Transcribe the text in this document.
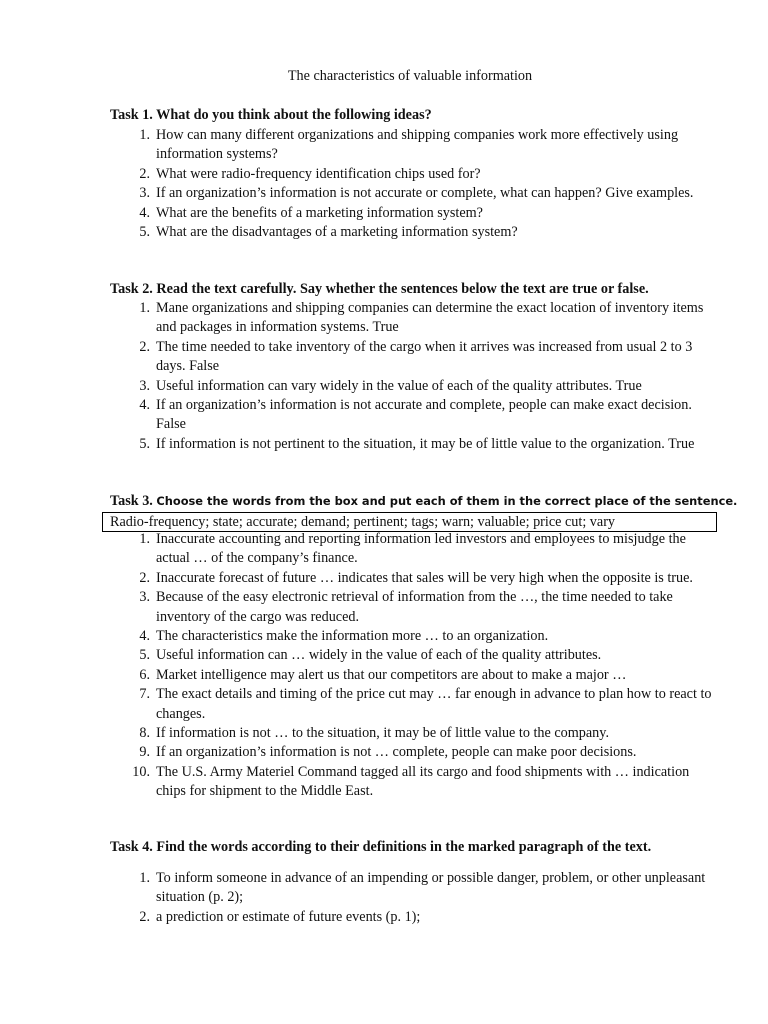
The characteristics of valuable information
Task 1. What do you think about the following ideas?
1. How can many different organizations and shipping companies work more effectively using information systems?
2. What were radio-frequency identification chips used for?
3. If an organization’s information is not accurate or complete, what can happen? Give examples.
4. What are the benefits of a marketing information system?
5. What are the disadvantages of a marketing information system?
Task 2. Read the text carefully. Say whether the sentences below the text are true or false.
1. Mane organizations and shipping companies can determine the exact location of inventory items and packages in information systems. True
2. The time needed to take inventory of the cargo when it arrives was increased from usual 2 to 3 days. False
3. Useful information can vary widely in the value of each of the quality attributes. True
4. If an organization’s information is not accurate and complete, people can make exact decision. False
5. If information is not pertinent to the situation, it may be of little value to the organization. True
Task 3. Choose the words from the box and put each of them in the correct place of the sentence.
Radio-frequency; state; accurate; demand; pertinent; tags; warn; valuable; price cut; vary
1. Inaccurate accounting and reporting information led investors and employees to misjudge the actual … of the company’s finance.
2. Inaccurate forecast of future … indicates that sales will be very high when the opposite is true.
3. Because of the easy electronic retrieval of information from the …, the time needed to take inventory of the cargo was reduced.
4. The characteristics make the information more … to an organization.
5. Useful information can … widely in the value of each of the quality attributes.
6. Market intelligence may alert us that our competitors are about to make a major …
7. The exact details and timing of the price cut may … far enough in advance to plan how to react to changes.
8. If information is not … to the situation, it may be of little value to the company.
9. If an organization’s information is not … complete, people can make poor decisions.
10. The U.S. Army Materiel Command tagged all its cargo and food shipments with … indication chips for shipment to the Middle East.
Task 4. Find the words according to their definitions in the marked paragraph of the text.
1. To inform someone in advance of an impending or possible danger, problem, or other unpleasant situation (p. 2);
2. a prediction or estimate of future events (p. 1);
